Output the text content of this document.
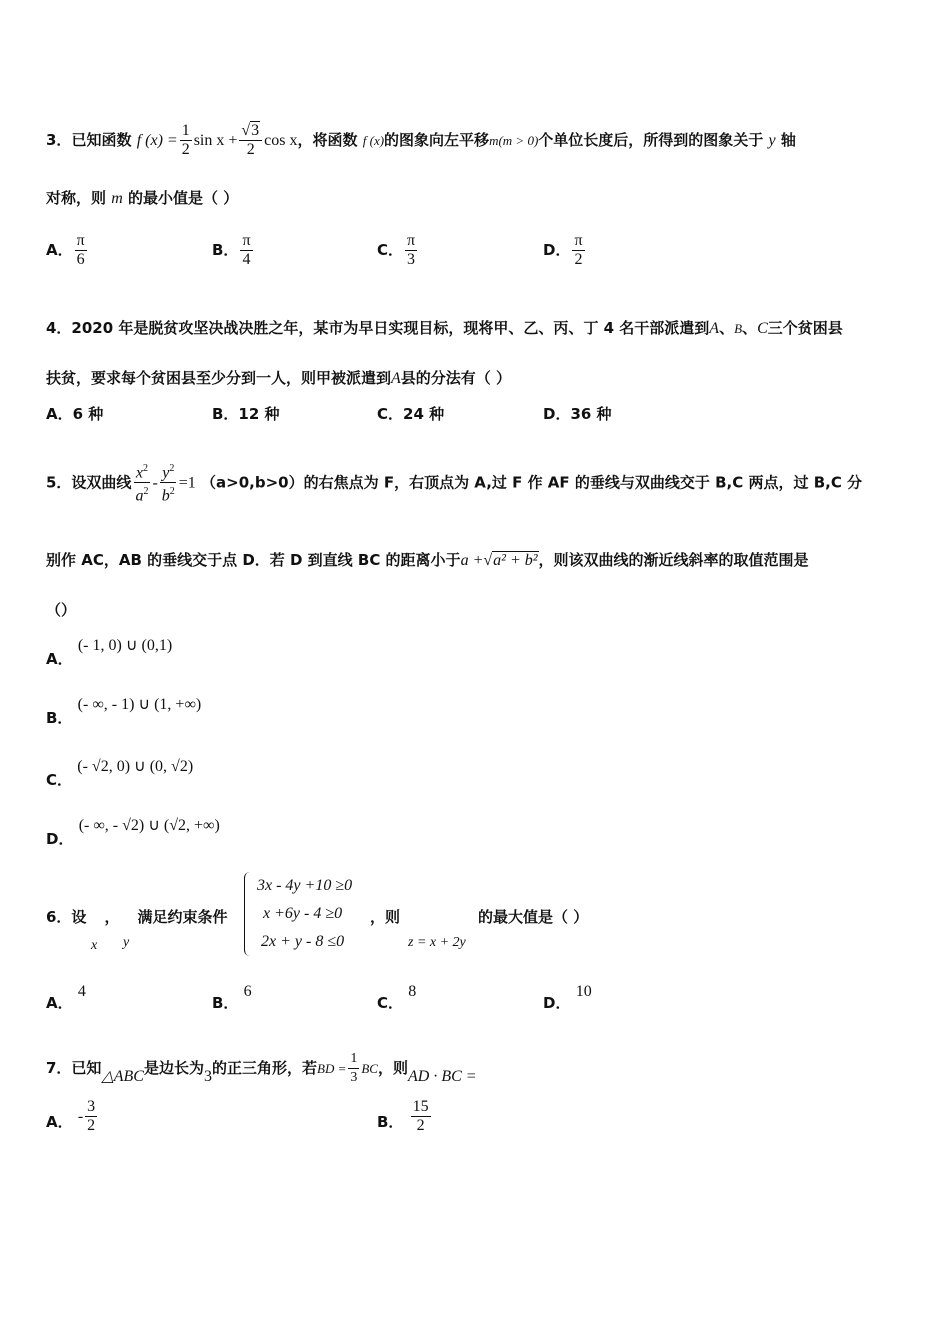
3．已知函数 f $(x) = \frac{1}{2}$ $\sin x + \frac{√3}{2}$ cos x，将函数 f (x)的图象向左平移m(m > 0)个单位长度后，所得到的图象关于 y 轴
对称，则 m 的最小值是（ ）
A． $\frac{\pi}{6}$	B． $\frac{\pi}{4}$	C． $\frac{\pi}{3}$	D． $\frac{\pi}{2}$
4．2020 年是脱贫攻坚决战决胜之年，某市为早日实现目标，现将甲、乙、丙、丁 4 名干部派遣到A、B、C三个贫困县
扶贫，要求每个贫困县至少分到一人，则甲被派遣到A县的分法有（ ）
A．6 种	B．12 种	C．24 种	D．36 种
5．设双曲线 $\frac{x^2}{a^2} - \frac{y^2}{b^2} =1$ （a>0,b>0）的右焦点为 F，右顶点为 A,过 F 作 AF 的垂线与双曲线交于 B,C 两点，过 B,C 分
别作 AC，AB 的垂线交于点 D．若 D 到直线 BC 的距离小于a +√a² + b²，则该双曲线的渐近线斜率的取值范围是
（）
A． (- 1, 0) ∪ (0,1)
B． (- ∞, - 1) ∪ (1, +∞)
C． (- √2, 0) ∪ (0, √2)
D． (- ∞, - √2) ∪ (√2, +∞)
6．设 ， 满足约束条件
x y
3x - 4y +10 ≥0
x +6y - 4 ≥0
2x + y - 8 ≤0
，则
z = x + 2y
的最大值是（ ）
A． 4
B． 6
C． 8
D． 10
7．已知△ABC是边长为3的正三角形，若BD = $\frac{1}{3}$ BC，则AD · BC =
A． - $\frac{3}{2}$	B． $\frac{15}{2}$
